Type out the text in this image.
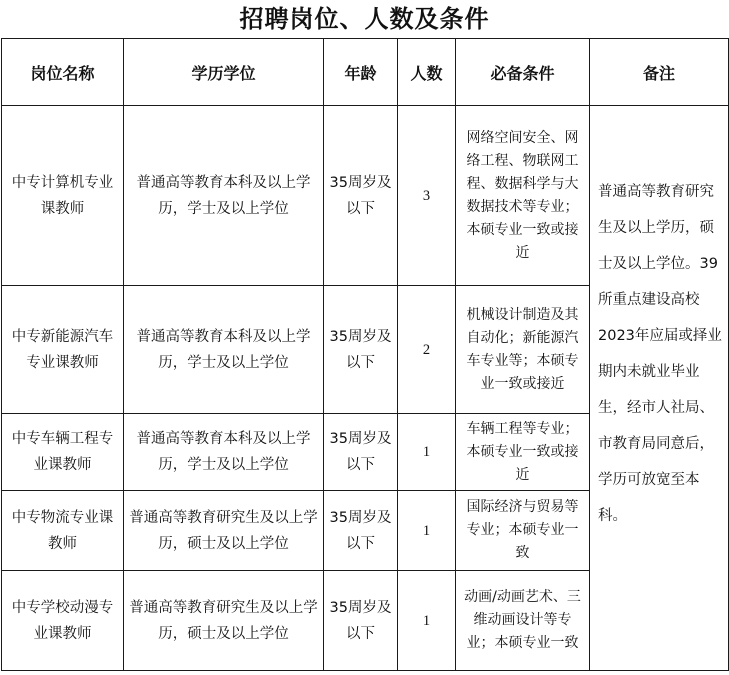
招聘岗位、人数及条件
岗位名称	学历学位	年龄	人数	必备条件	备注
中专计算机专业课教师	普通高等教育本科及以上学历，学士及以上学位	35周岁及以下	3	网络空间安全、网络工程、物联网工程、数据科学与大数据技术等专业；本硕专业一致或接近	普通高等教育研究生及以上学历，硕士及以上学位。39所重点建设高校2023年应届或择业期内未就业毕业生，经市人社局、市教育局同意后，学历可放宽至本科。
中专新能源汽车专业课教师	普通高等教育本科及以上学历，学士及以上学位	35周岁及以下	2	机械设计制造及其自动化；新能源汽车专业等；本硕专业一致或接近	
中专车辆工程专业课教师	普通高等教育本科及以上学历，学士及以上学位	35周岁及以下	1	车辆工程等专业；本硕专业一致或接近	
中专物流专业课教师	普通高等教育研究生及以上学历，硕士及以上学位	35周岁及以下	1	国际经济与贸易等专业；本硕专业一致	
中专学校动漫专业课教师	普通高等教育研究生及以上学历，硕士及以上学位	35周岁及以下	1	动画/动画艺术、三维动画设计等专业；本硕专业一致	
